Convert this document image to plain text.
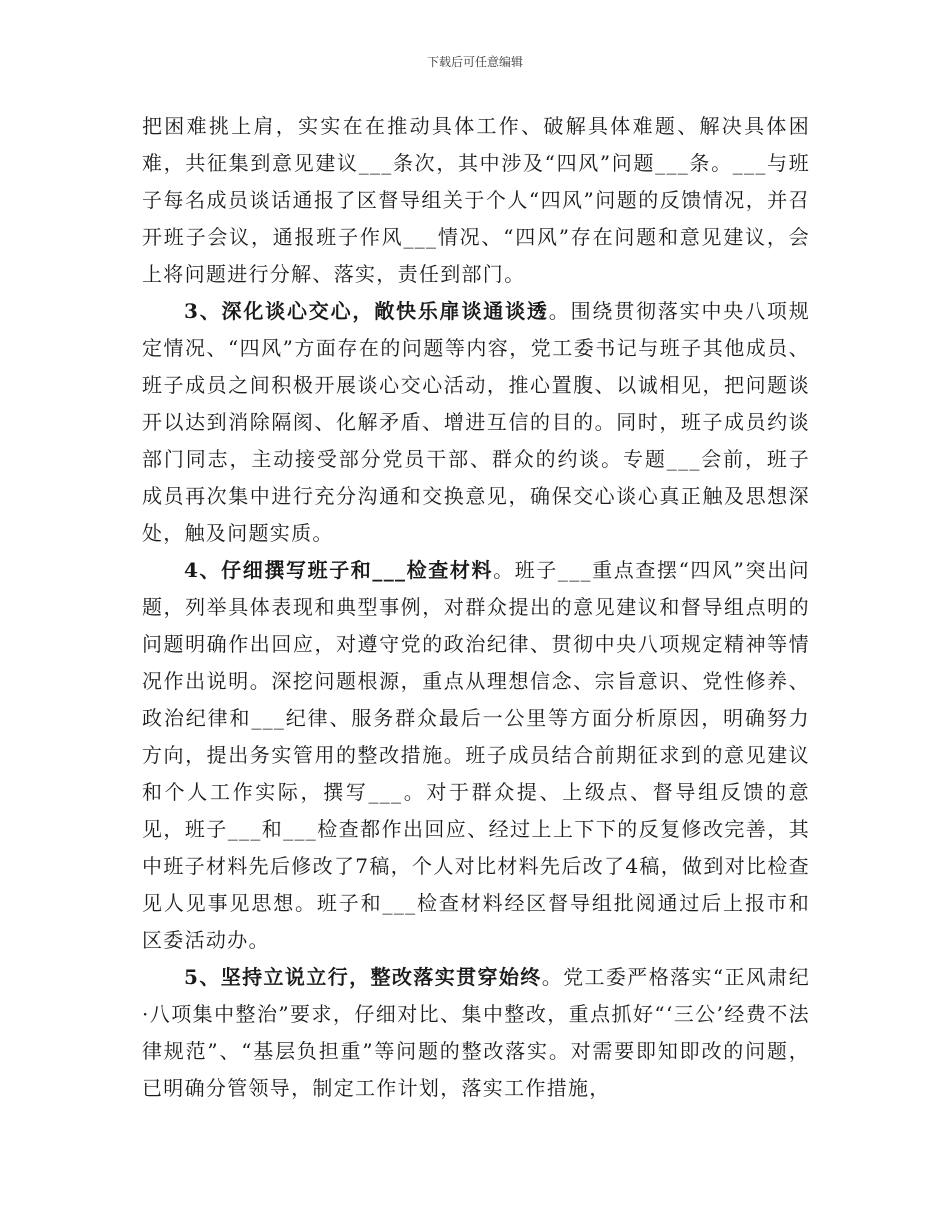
下载后可任意编辑

把困难挑上肩，实实在在推动具体工作、破解具体难题、解决具体困难，共征集到意见建议___条次，其中涉及“四风”问题___条。___与班子每名成员谈话通报了区督导组关于个人“四风”问题的反馈情况，并召开班子会议，通报班子作风___情况、“四风”存在问题和意见建议，会上将问题进行分解、落实，责任到部门。

3、深化谈心交心，敞快乐扉谈通谈透。围绕贯彻落实中央八项规定情况、“四风”方面存在的问题等内容，党工委书记与班子其他成员、班子成员之间积极开展谈心交心活动，推心置腹、以诚相见，把问题谈开以达到消除隔阂、化解矛盾、增进互信的目的。同时，班子成员约谈部门同志，主动接受部分党员干部、群众的约谈。专题___会前，班子成员再次集中进行充分沟通和交换意见，确保交心谈心真正触及思想深处，触及问题实质。

4、仔细撰写班子和___检查材料。班子___重点查摆“四风”突出问题，列举具体表现和典型事例，对群众提出的意见建议和督导组点明的问题明确作出回应，对遵守党的政治纪律、贯彻中央八项规定精神等情况作出说明。深挖问题根源，重点从理想信念、宗旨意识、党性修养、政治纪律和___纪律、服务群众最后一公里等方面分析原因，明确努力方向，提出务实管用的整改措施。班子成员结合前期征求到的意见建议和个人工作实际，撰写___。对于群众提、上级点、督导组反馈的意见，班子___和___检查都作出回应、经过上上下下的反复修改完善，其中班子材料先后修改了7稿，个人对比材料先后改了4稿，做到对比检查见人见事见思想。班子和___检查材料经区督导组批阅通过后上报市和区委活动办。

5、坚持立说立行，整改落实贯穿始终。党工委严格落实“正风肃纪·八项集中整治”要求，仔细对比、集中整改，重点抓好“‘三公’经费不法律规范”、“基层负担重”等问题的整改落实。对需要即知即改的问题，已明确分管领导，制定工作计划，落实工作措施，
